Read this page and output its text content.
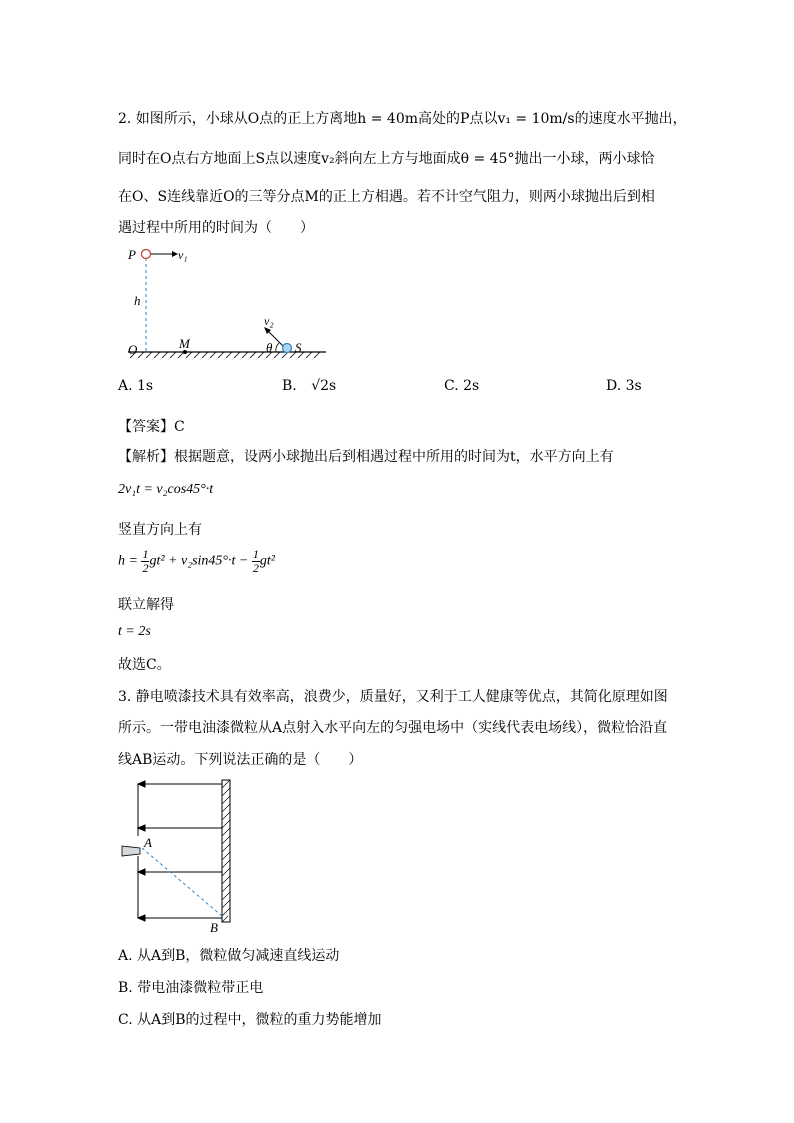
2. 如图所示，小球从O点的正上方离地h = 40m高处的P点以v₁ = 10m/s的速度水平抛出，
同时在O点右方地面上S点以速度v₂斜向左上方与地面成θ = 45°抛出一小球，两小球恰
在O、S连线靠近O的三等分点M的正上方相遇。若不计空气阻力，则两小球抛出后到相
遇过程中所用的时间为（　　）
P	v₁
h
M
O
v₂
θ S
A. 1s	B. √2s	C. 2s	D. 3s
【答案】C
【解析】根据题意，设两小球抛出后到相遇过程中所用的时间为t，水平方向上有
2v₁t = v₂cos45°·t
竖直方向上有
$h = \frac{1}{2} gt^2 + v_2\sin 45^\circ\cdot t - \frac{1}{2} gt^2$
联立解得
t = 2s
故选C。
3. 静电喷漆技术具有效率高，浪费少，质量好，又利于工人健康等优点，其简化原理如图
所示。一带电油漆微粒从A点射入水平向左的匀强电场中（实线代表电场线），微粒恰沿直
线AB运动。下列说法正确的是（　　）
A
B
A. 从A到B，微粒做匀减速直线运动
B. 带电油漆微粒带正电
C. 从A到B的过程中，微粒的重力势能增加
